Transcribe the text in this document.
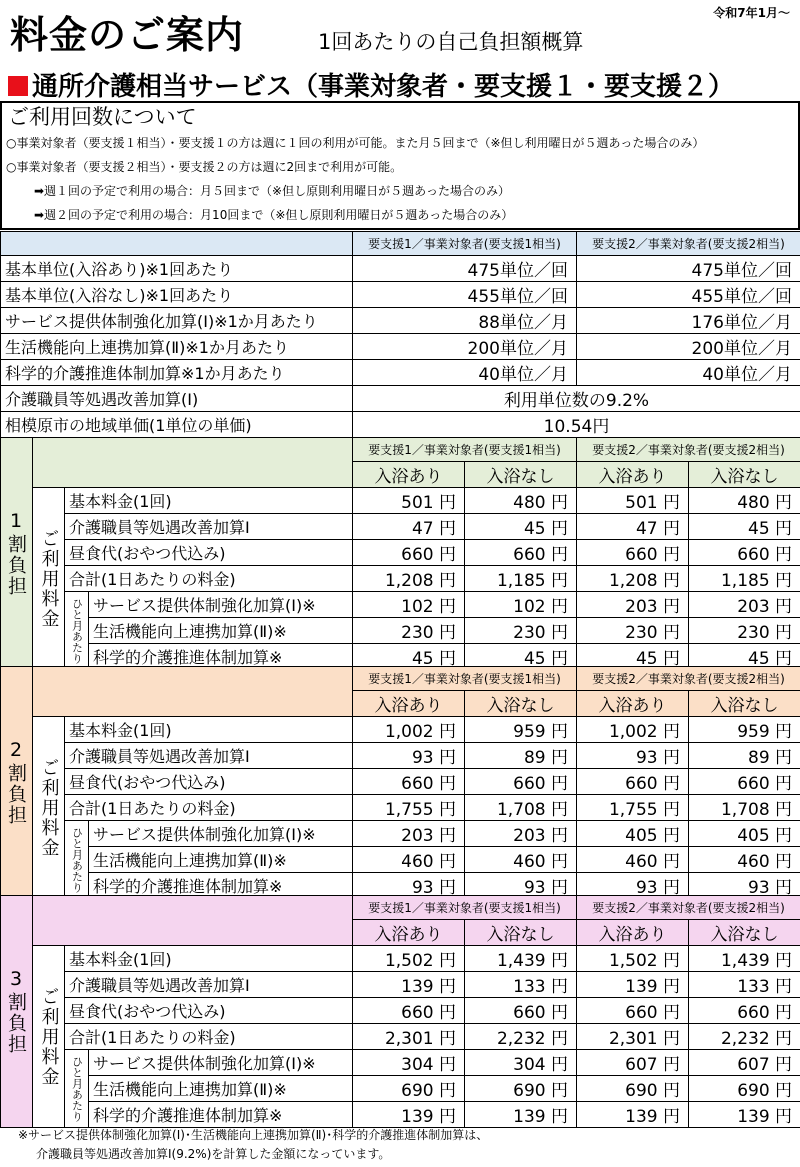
料金のご案内	1回あたりの自己負担額概算
令和7年1月～
通所介護相当サービス（事業対象者・要支援１・要支援２）
ご利用回数について
○事業対象者（要支援１相当）・要支援１の方は週に１回の利用が可能。また月５回まで（※但し利用曜日が５週あった場合のみ）
○事業対象者（要支援２相当）・要支援２の方は週に2回まで利用が可能。
➡週１回の予定で利用の場合：月５回まで（※但し原則利用曜日が５週あった場合のみ）
➡週２回の予定で利用の場合：月10回まで（※但し原則利用曜日が５週あった場合のみ）
	要支援1／事業対象者(要支援1相当)	要支援2／事業対象者(要支援2相当)
基本単位(入浴あり)※1回あたり	475単位／回	475単位／回
基本単位(入浴なし)※1回あたり	455単位／回	455単位／回
サービス提供体制強化加算(Ⅰ)※1か月あたり	88単位／月	176単位／月
生活機能向上連携加算(Ⅱ)※1か月あたり	200単位／月	200単位／月
科学的介護推進体制加算※1か月あたり	40単位／月	40単位／月
介護職員等処遇改善加算(Ⅰ)	利用単位数の9.2%	
相模原市の地域単価(1単位の単価)	10.54円	
1割負担				要支援1／事業対象者(要支援1相当)		要支援2／事業対象者(要支援2相当)	
				入浴あり	入浴なし	入浴あり	入浴なし
	ご利用料金	基本料金(1回)		501 円	480 円	501 円	480 円
		介護職員等処遇改善加算Ⅰ		47 円	45 円	47 円	45 円
		昼食代(おやつ代込み)		660 円	660 円	660 円	660 円
		合計(1日あたりの料金)		1,208 円	1,185 円	1,208 円	1,185 円
		ひと月あたり	サービス提供体制強化加算(Ⅰ)※	102 円	102 円	203 円	203 円
			生活機能向上連携加算(Ⅱ)※	230 円	230 円	230 円	230 円
			科学的介護推進体制加算※	45 円	45 円	45 円	45 円
2割負担				要支援1／事業対象者(要支援1相当)		要支援2／事業対象者(要支援2相当)	
				入浴あり	入浴なし	入浴あり	入浴なし
	ご利用料金	基本料金(1回)		1,002 円	959 円	1,002 円	959 円
		介護職員等処遇改善加算Ⅰ		93 円	89 円	93 円	89 円
		昼食代(おやつ代込み)		660 円	660 円	660 円	660 円
		合計(1日あたりの料金)		1,755 円	1,708 円	1,755 円	1,708 円
		ひと月あたり	サービス提供体制強化加算(Ⅰ)※	203 円	203 円	405 円	405 円
			生活機能向上連携加算(Ⅱ)※	460 円	460 円	460 円	460 円
			科学的介護推進体制加算※	93 円	93 円	93 円	93 円
3割負担				要支援1／事業対象者(要支援1相当)		要支援2／事業対象者(要支援2相当)	
				入浴あり	入浴なし	入浴あり	入浴なし
	ご利用料金	基本料金(1回)		1,502 円	1,439 円	1,502 円	1,439 円
		介護職員等処遇改善加算Ⅰ		139 円	133 円	139 円	133 円
		昼食代(おやつ代込み)		660 円	660 円	660 円	660 円
		合計(1日あたりの料金)		2,301 円	2,232 円	2,301 円	2,232 円
		ひと月あたり	サービス提供体制強化加算(Ⅰ)※	304 円	304 円	607 円	607 円
			生活機能向上連携加算(Ⅱ)※	690 円	690 円	690 円	690 円
			科学的介護推進体制加算※	139 円	139 円	139 円	139 円
※サービス提供体制強化加算(Ⅰ)･生活機能向上連携加算(Ⅱ)･科学的介護推進体制加算は、
介護職員等処遇改善加算Ⅰ(9.2%)を計算した金額になっています。
